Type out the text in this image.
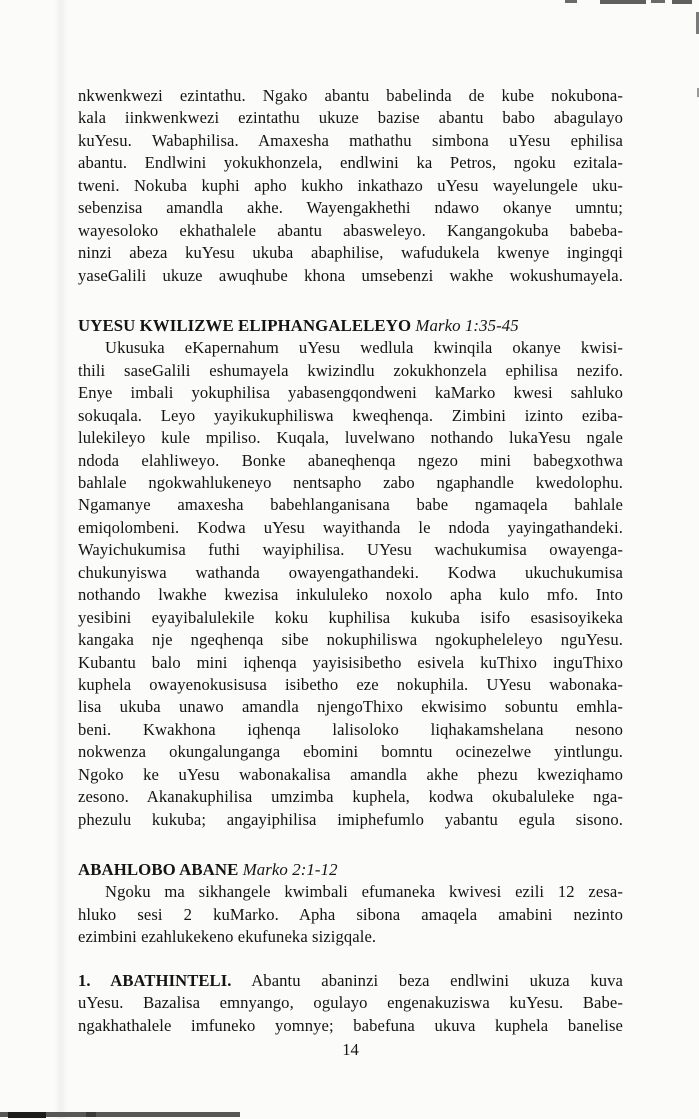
nkwenkwezi ezintathu. Ngako abantu babelinda de kube nokubona-
kala iinkwenkwezi ezintathu ukuze bazise abantu babo abagulayo
kuYesu. Wabaphilisa. Amaxesha mathathu simbona uYesu ephilisa
abantu. Endlwini yokukhonzela, endlwini ka Petros, ngoku ezitala-
tweni. Nokuba kuphi apho kukho inkathazo uYesu wayelungele uku-
sebenzisa amandla akhe. Wayengakhethi ndawo okanye umntu;
wayesoloko ekhathalele abantu abasweleyo. Kangangokuba babeba-
ninzi abeza kuYesu ukuba abaphilise, wafudukela kwenye ingingqi
yaseGalili ukuze awuqhube khona umsebenzi wakhe wokushumayela.
UYESU KWILIZWE ELIPHANGALELEYO Marko 1:35-45
Ukusuka eKapernahum uYesu wedlula kwinqila okanye kwisi-
thili saseGalili eshumayela kwizindlu zokukhonzela ephilisa nezifo.
Enye imbali yokuphilisa yabasengqondweni kaMarko kwesi sahluko
sokuqala. Leyo yayikukuphiliswa kweqhenqa. Zimbini izinto eziba-
lulekileyo kule mpiliso. Kuqala, luvelwano nothando lukaYesu ngale
ndoda elahliweyo. Bonke abaneqhenqa ngezo mini babegxothwa
bahlale ngokwahlukeneyo nentsapho zabo ngaphandle kwedolophu.
Ngamanye amaxesha babehlanganisana babe ngamaqela bahlale
emiqolombeni. Kodwa uYesu wayithanda le ndoda yayingathandeki.
Wayichukumisa futhi wayiphilisa. UYesu wachukumisa owayenga-
chukunyiswa wathanda owayengathandeki. Kodwa ukuchukumisa
nothando lwakhe kwezisa inkululeko noxolo apha kulo mfo. Into
yesibini eyayibalulekile koku kuphilisa kukuba isifo esasisoyikeka
kangaka nje ngeqhenqa sibe nokuphiliswa ngokupheleleyo nguYesu.
Kubantu balo mini iqhenqa yayisisibetho esivela kuThixo inguThixo
kuphela owayenokusisusa isibetho eze nokuphila. UYesu wabonaka-
lisa ukuba unawo amandla njengoThixo ekwisimo sobuntu emhla-
beni. Kwakhona iqhenqa lalisoloko liqhakamshelana nesono
nokwenza okungalunganga ebomini bomntu ocinezelwe yintlungu.
Ngoko ke uYesu wabonakalisa amandla akhe phezu kweziqhamo
zesono. Akanakuphilisa umzimba kuphela, kodwa okubaluleke nga-
phezulu kukuba; angayiphilisa imiphefumlo yabantu egula sisono.
ABAHLOBO ABANE Marko 2:1-12
Ngoku ma sikhangele kwimbali efumaneka kwivesi ezili 12 zesa-
hluko sesi 2 kuMarko. Apha sibona amaqela amabini nezinto
ezimbini ezahlukekeno ekufuneka sizigqale.
1. ABATHINTELI. Abantu abaninzi beza endlwini ukuza kuva
uYesu. Bazalisa emnyango, ogulayo engenakuziswa kuYesu. Babe-
ngakhathalele imfuneko yomnye; babefuna ukuva kuphela banelise
14
